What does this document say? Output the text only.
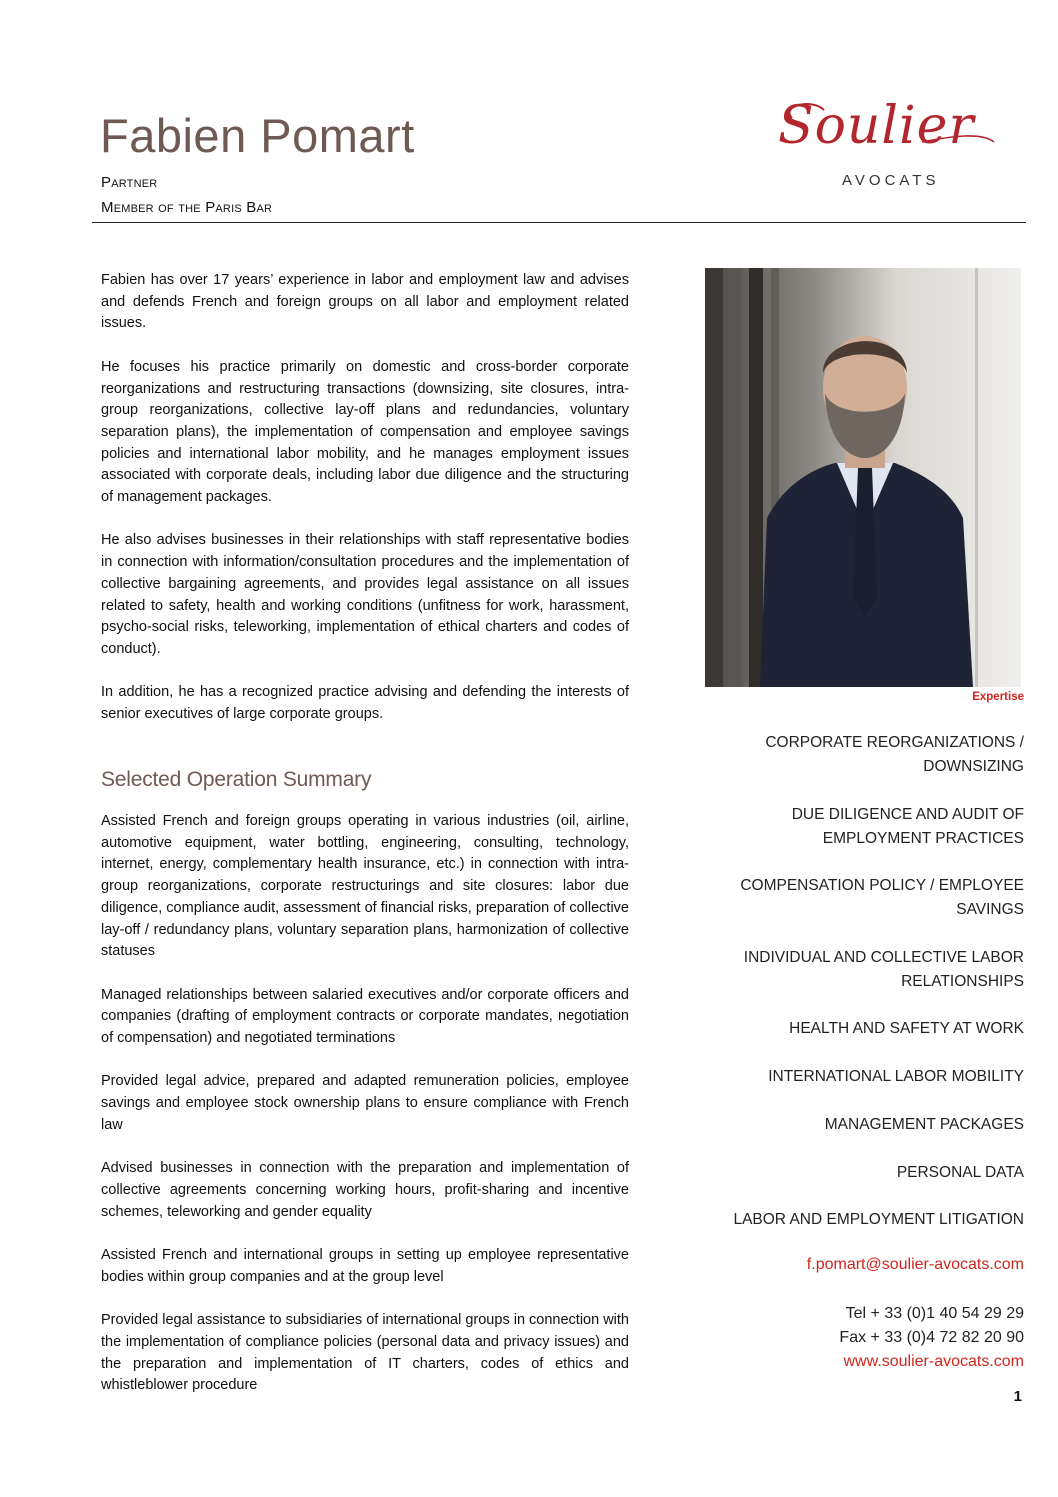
Fabien Pomart
Partner
Member of the Paris Bar
Soulier
AVOCATS

Fabien has over 17 years’ experience in labor and employment law and advises and defends French and foreign groups on all labor and employment related issues.

He focuses his practice primarily on domestic and cross-border corporate reorganizations and restructuring transactions (downsizing, site closures, intra-group reorganizations, collective lay-off plans and redundancies, voluntary separation plans), the implementation of compensation and employee savings policies and international labor mobility, and he manages employment issues associated with corporate deals, including labor due diligence and the structuring of management packages.

He also advises businesses in their relationships with staff representative bodies in connection with information/consultation procedures and the implementation of collective bargaining agreements, and provides legal assistance on all issues related to safety, health and working conditions (unfitness for work, harassment, psycho-social risks, teleworking, implementation of ethical charters and codes of conduct).

In addition, he has a recognized practice advising and defending the interests of senior executives of large corporate groups.

Selected Operation Summary

Assisted French and foreign groups operating in various industries (oil, airline, automotive equipment, water bottling, engineering, consulting, technology, internet, energy, complementary health insurance, etc.) in connection with intra-group reorganizations, corporate restructurings and site closures: labor due diligence, compliance audit, assessment of financial risks, preparation of collective lay-off / redundancy plans, voluntary separation plans, harmonization of collective statuses

Managed relationships between salaried executives and/or corporate officers and companies (drafting of employment contracts or corporate mandates, negotiation of compensation) and negotiated terminations

Provided legal advice, prepared and adapted remuneration policies, employee savings and employee stock ownership plans to ensure compliance with French law

Advised businesses in connection with the preparation and implementation of collective agreements concerning working hours, profit-sharing and incentive schemes, teleworking and gender equality

Assisted French and international groups in setting up employee representative bodies within group companies and at the group level

Provided legal assistance to subsidiaries of international groups in connection with the implementation of compliance policies (personal data and privacy issues) and the preparation and implementation of IT charters, codes of ethics and whistleblower procedure

Expertise
CORPORATE REORGANIZATIONS / DOWNSIZING
DUE DILIGENCE AND AUDIT OF EMPLOYMENT PRACTICES
COMPENSATION POLICY / EMPLOYEE SAVINGS
INDIVIDUAL AND COLLECTIVE LABOR RELATIONSHIPS
HEALTH AND SAFETY AT WORK
INTERNATIONAL LABOR MOBILITY
MANAGEMENT PACKAGES
PERSONAL DATA
LABOR AND EMPLOYMENT LITIGATION
f.pomart@soulier-avocats.com
Tel + 33 (0)1 40 54 29 29
Fax + 33 (0)4 72 82 20 90
www.soulier-avocats.com
1
